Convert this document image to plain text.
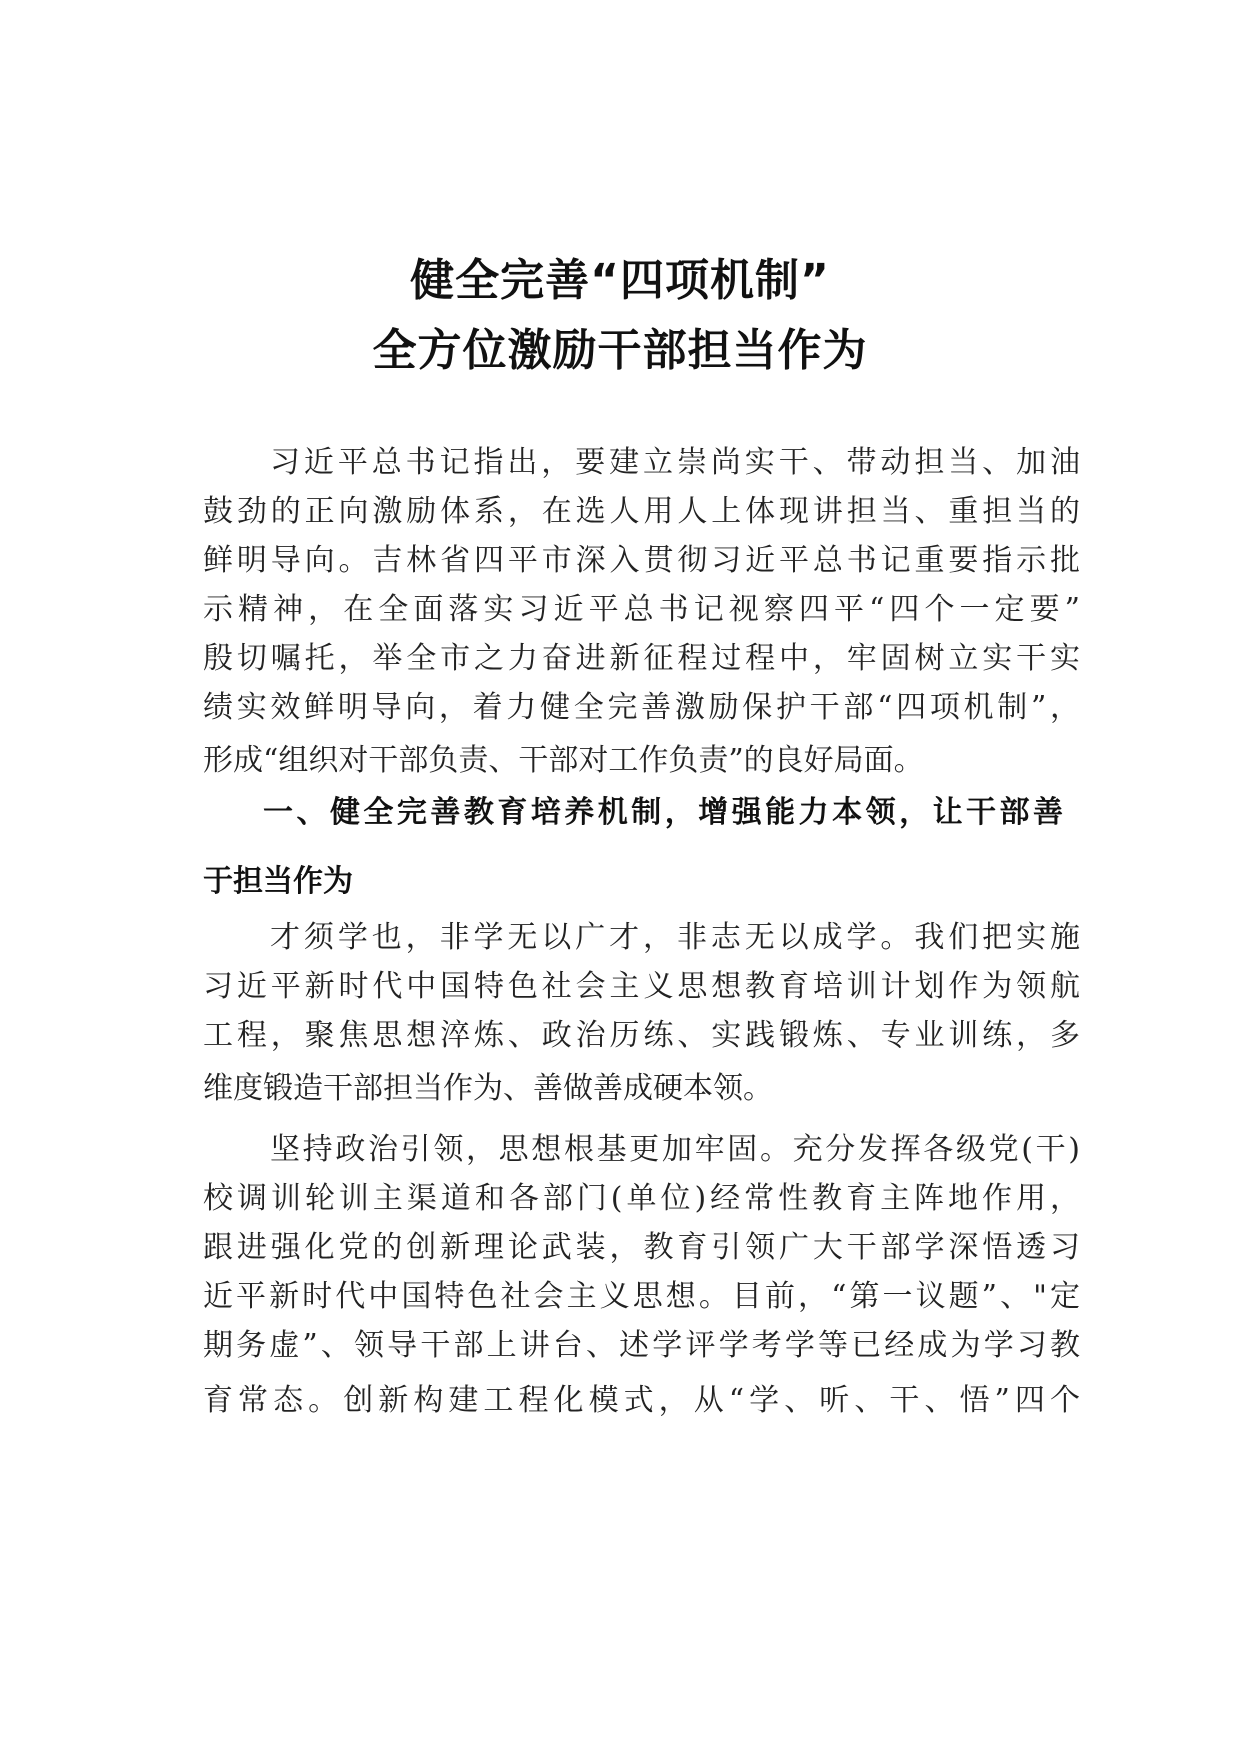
健全完善“四项机制”
全方位激励干部担当作为
习近平总书记指出，要建立崇尚实干、带动担当、加油
鼓劲的正向激励体系，在选人用人上体现讲担当、重担当的
鲜明导向。吉林省四平市深入贯彻习近平总书记重要指示批
示精神，在全面落实习近平总书记视察四平“四个一定要”
殷切嘱托，举全市之力奋进新征程过程中，牢固树立实干实
绩实效鲜明导向，着力健全完善激励保护干部“四项机制”，
形成“组织对干部负责、干部对工作负责”的良好局面。
一、健全完善教育培养机制，增强能力本领，让干部善
于担当作为
才须学也，非学无以广才，非志无以成学。我们把实施
习近平新时代中国特色社会主义思想教育培训计划作为领航
工程，聚焦思想淬炼、政治历练、实践锻炼、专业训练，多
维度锻造干部担当作为、善做善成硬本领。
坚持政治引领，思想根基更加牢固。充分发挥各级党(干)
校调训轮训主渠道和各部门(单位)经常性教育主阵地作用，
跟进强化党的创新理论武装，教育引领广大干部学深悟透习
近平新时代中国特色社会主义思想。目前，“第一议题”、"定
期务虚”、领导干部上讲台、述学评学考学等已经成为学习教
育常态。创新构建工程化模式，从“学、听、干、悟”四个
